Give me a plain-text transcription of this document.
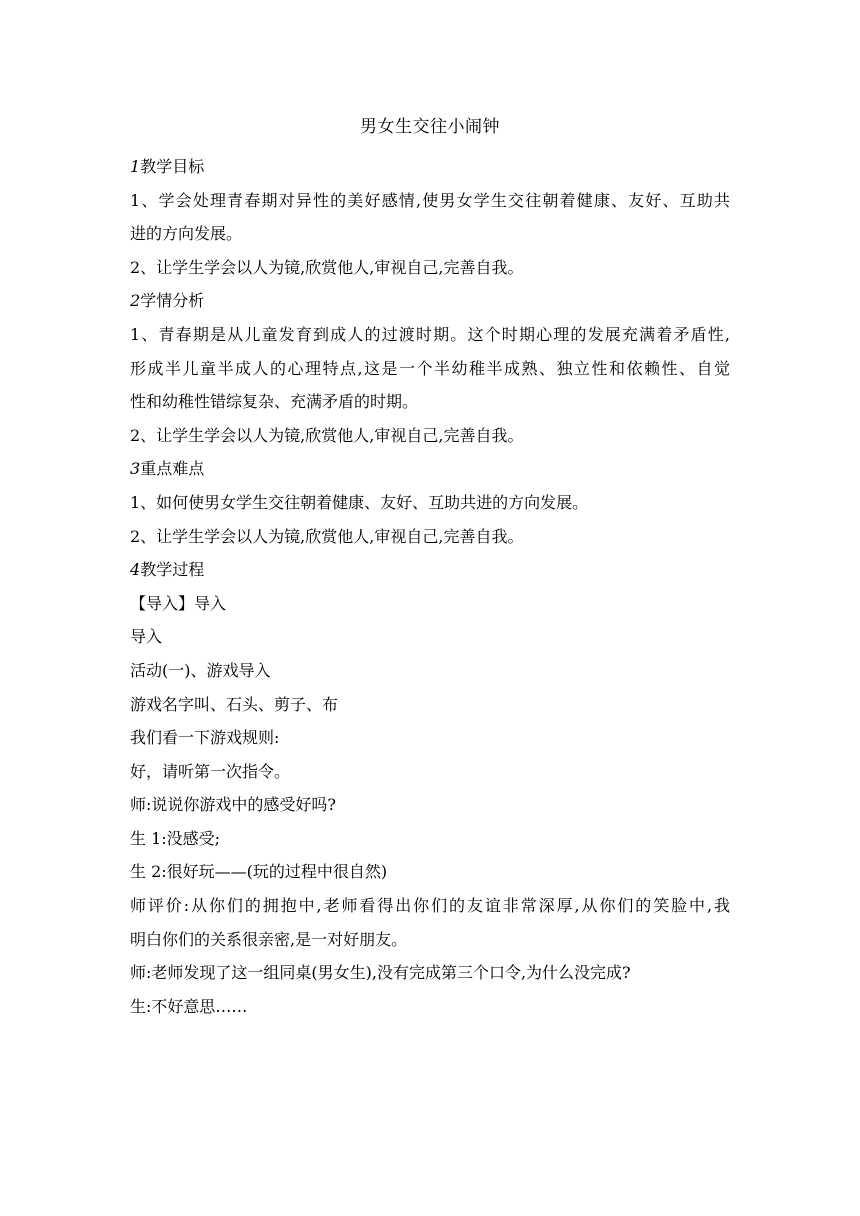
男女生交往小闹钟

1教学目标

1、学会处理青春期对异性的美好感情,使男女学生交往朝着健康、友好、互助共

进的方向发展。

2、让学生学会以人为镜,欣赏他人,审视自己,完善自我。

2学情分析

1、青春期是从儿童发育到成人的过渡时期。这个时期心理的发展充满着矛盾性,

形成半儿童半成人的心理特点,这是一个半幼稚半成熟、独立性和依赖性、自觉

性和幼稚性错综复杂、充满矛盾的时期。

2、让学生学会以人为镜,欣赏他人,审视自己,完善自我。

3重点难点

1、如何使男女学生交往朝着健康、友好、互助共进的方向发展。

2、让学生学会以人为镜,欣赏他人,审视自己,完善自我。

4教学过程

【导入】导入

导入

活动(一)、游戏导入

游戏名字叫、石头、剪子、布

我们看一下游戏规则:

好，请听第一次指令。

师:说说你游戏中的感受好吗?

生 1:没感受;

生 2:很好玩——(玩的过程中很自然)

师评价:从你们的拥抱中,老师看得出你们的友谊非常深厚,从你们的笑脸中,我

明白你们的关系很亲密,是一对好朋友。

师:老师发现了这一组同桌(男女生),没有完成第三个口令,为什么没完成?

生:不好意思……
